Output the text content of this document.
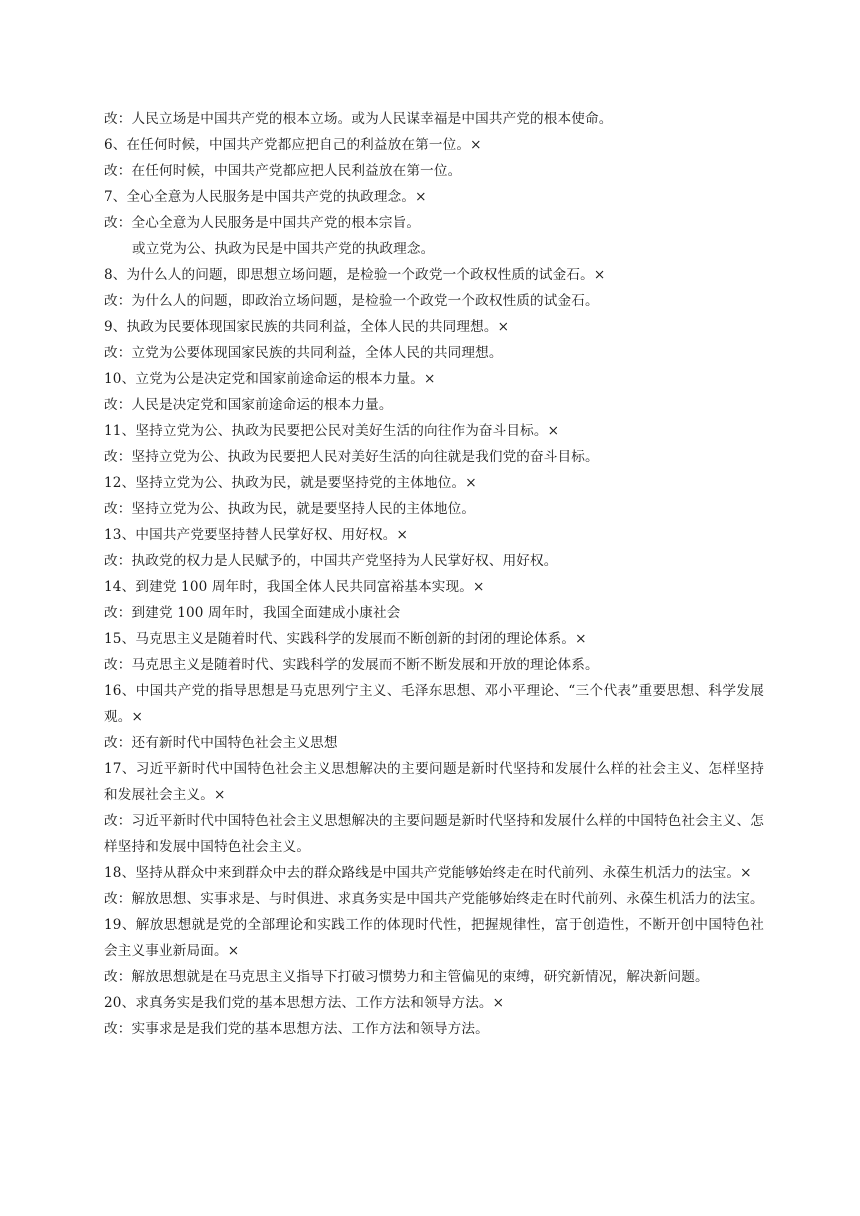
改：人民立场是中国共产党的根本立场。或为人民谋幸福是中国共产党的根本使命。

6、在任何时候，中国共产党都应把自己的利益放在第一位。×

改：在任何时候，中国共产党都应把人民利益放在第一位。

7、全心全意为人民服务是中国共产党的执政理念。×

改：全心全意为人民服务是中国共产党的根本宗旨。

或立党为公、执政为民是中国共产党的执政理念。

8、为什么人的问题，即思想立场问题，是检验一个政党一个政权性质的试金石。×

改：为什么人的问题，即政治立场问题，是检验一个政党一个政权性质的试金石。

9、执政为民要体现国家民族的共同利益，全体人民的共同理想。×

改：立党为公要体现国家民族的共同利益，全体人民的共同理想。

10、立党为公是决定党和国家前途命运的根本力量。×

改：人民是决定党和国家前途命运的根本力量。

11、坚持立党为公、执政为民要把公民对美好生活的向往作为奋斗目标。×

改：坚持立党为公、执政为民要把人民对美好生活的向往就是我们党的奋斗目标。

12、坚持立党为公、执政为民，就是要坚持党的主体地位。×

改：坚持立党为公、执政为民，就是要坚持人民的主体地位。

13、中国共产党要坚持替人民掌好权、用好权。×

改：执政党的权力是人民赋予的，中国共产党坚持为人民掌好权、用好权。

14、到建党 100 周年时，我国全体人民共同富裕基本实现。×

改：到建党 100 周年时，我国全面建成小康社会

15、马克思主义是随着时代、实践科学的发展而不断创新的封闭的理论体系。×

改：马克思主义是随着时代、实践科学的发展而不断不断发展和开放的理论体系。

16、中国共产党的指导思想是马克思列宁主义、毛泽东思想、邓小平理论、“三个代表”重要思想、科学发展观。×

改：还有新时代中国特色社会主义思想

17、习近平新时代中国特色社会主义思想解决的主要问题是新时代坚持和发展什么样的社会主义、怎样坚持和发展社会主义。×

改：习近平新时代中国特色社会主义思想解决的主要问题是新时代坚持和发展什么样的中国特色社会主义、怎样坚持和发展中国特色社会主义。

18、坚持从群众中来到群众中去的群众路线是中国共产党能够始终走在时代前列、永葆生机活力的法宝。×

改：解放思想、实事求是、与时俱进、求真务实是中国共产党能够始终走在时代前列、永葆生机活力的法宝。

19、解放思想就是党的全部理论和实践工作的体现时代性，把握规律性，富于创造性，不断开创中国特色社会主义事业新局面。×

改：解放思想就是在马克思主义指导下打破习惯势力和主管偏见的束缚，研究新情况，解决新问题。

20、求真务实是我们党的基本思想方法、工作方法和领导方法。×

改：实事求是是我们党的基本思想方法、工作方法和领导方法。
